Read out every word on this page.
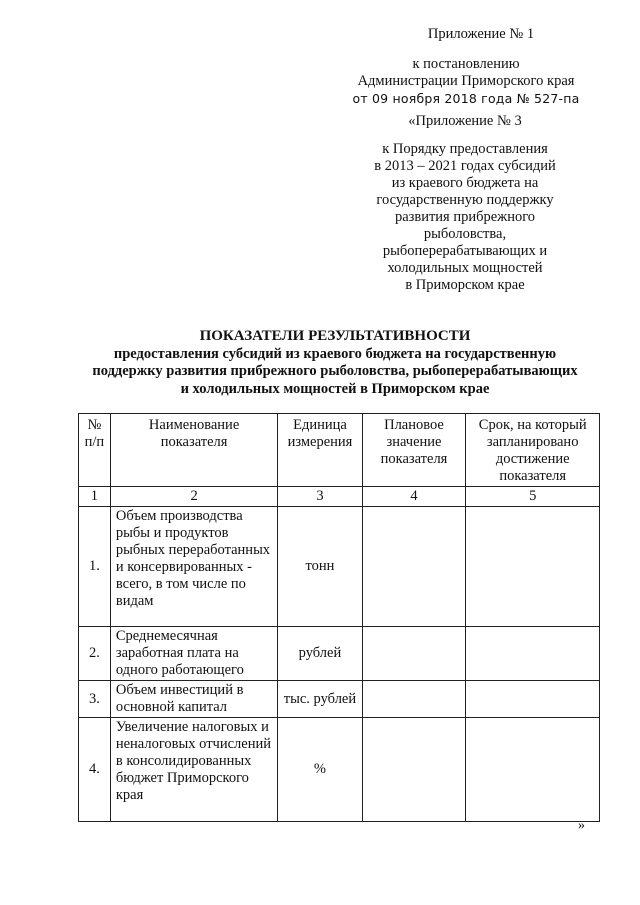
Приложение № 1
к постановлению
Администрации Приморского края
от 09 ноября 2018 года № 527-па
«Приложение № 3
к Порядку предоставления
в 2013 – 2021 годах субсидий
из краевого бюджета на
государственную поддержку
развития прибрежного
рыболовства,
рыбоперерабатывающих и
холодильных мощностей
в Приморском крае
ПОКАЗАТЕЛИ РЕЗУЛЬТАТИВНОСТИ
предоставления субсидий из краевого бюджета на государственную поддержку развития прибрежного рыболовства, рыбоперерабатывающих и холодильных мощностей в Приморском крае
№ п/п	Наименование показателя	Единица измерения	Плановое значение показателя	Срок, на который запланировано достижение показателя
1	2	3	4	5
1.	Объем производства рыбы и продуктов рыбных переработанных и консервированных - всего, в том числе по видам	тонн		
2.	Среднемесячная заработная плата на одного работающего	рублей		
3.	Объем инвестиций в основной капитал	тыс. рублей		
4.	Увеличение налоговых и неналоговых отчислений в консолидированных бюджет Приморского края	%		
»
